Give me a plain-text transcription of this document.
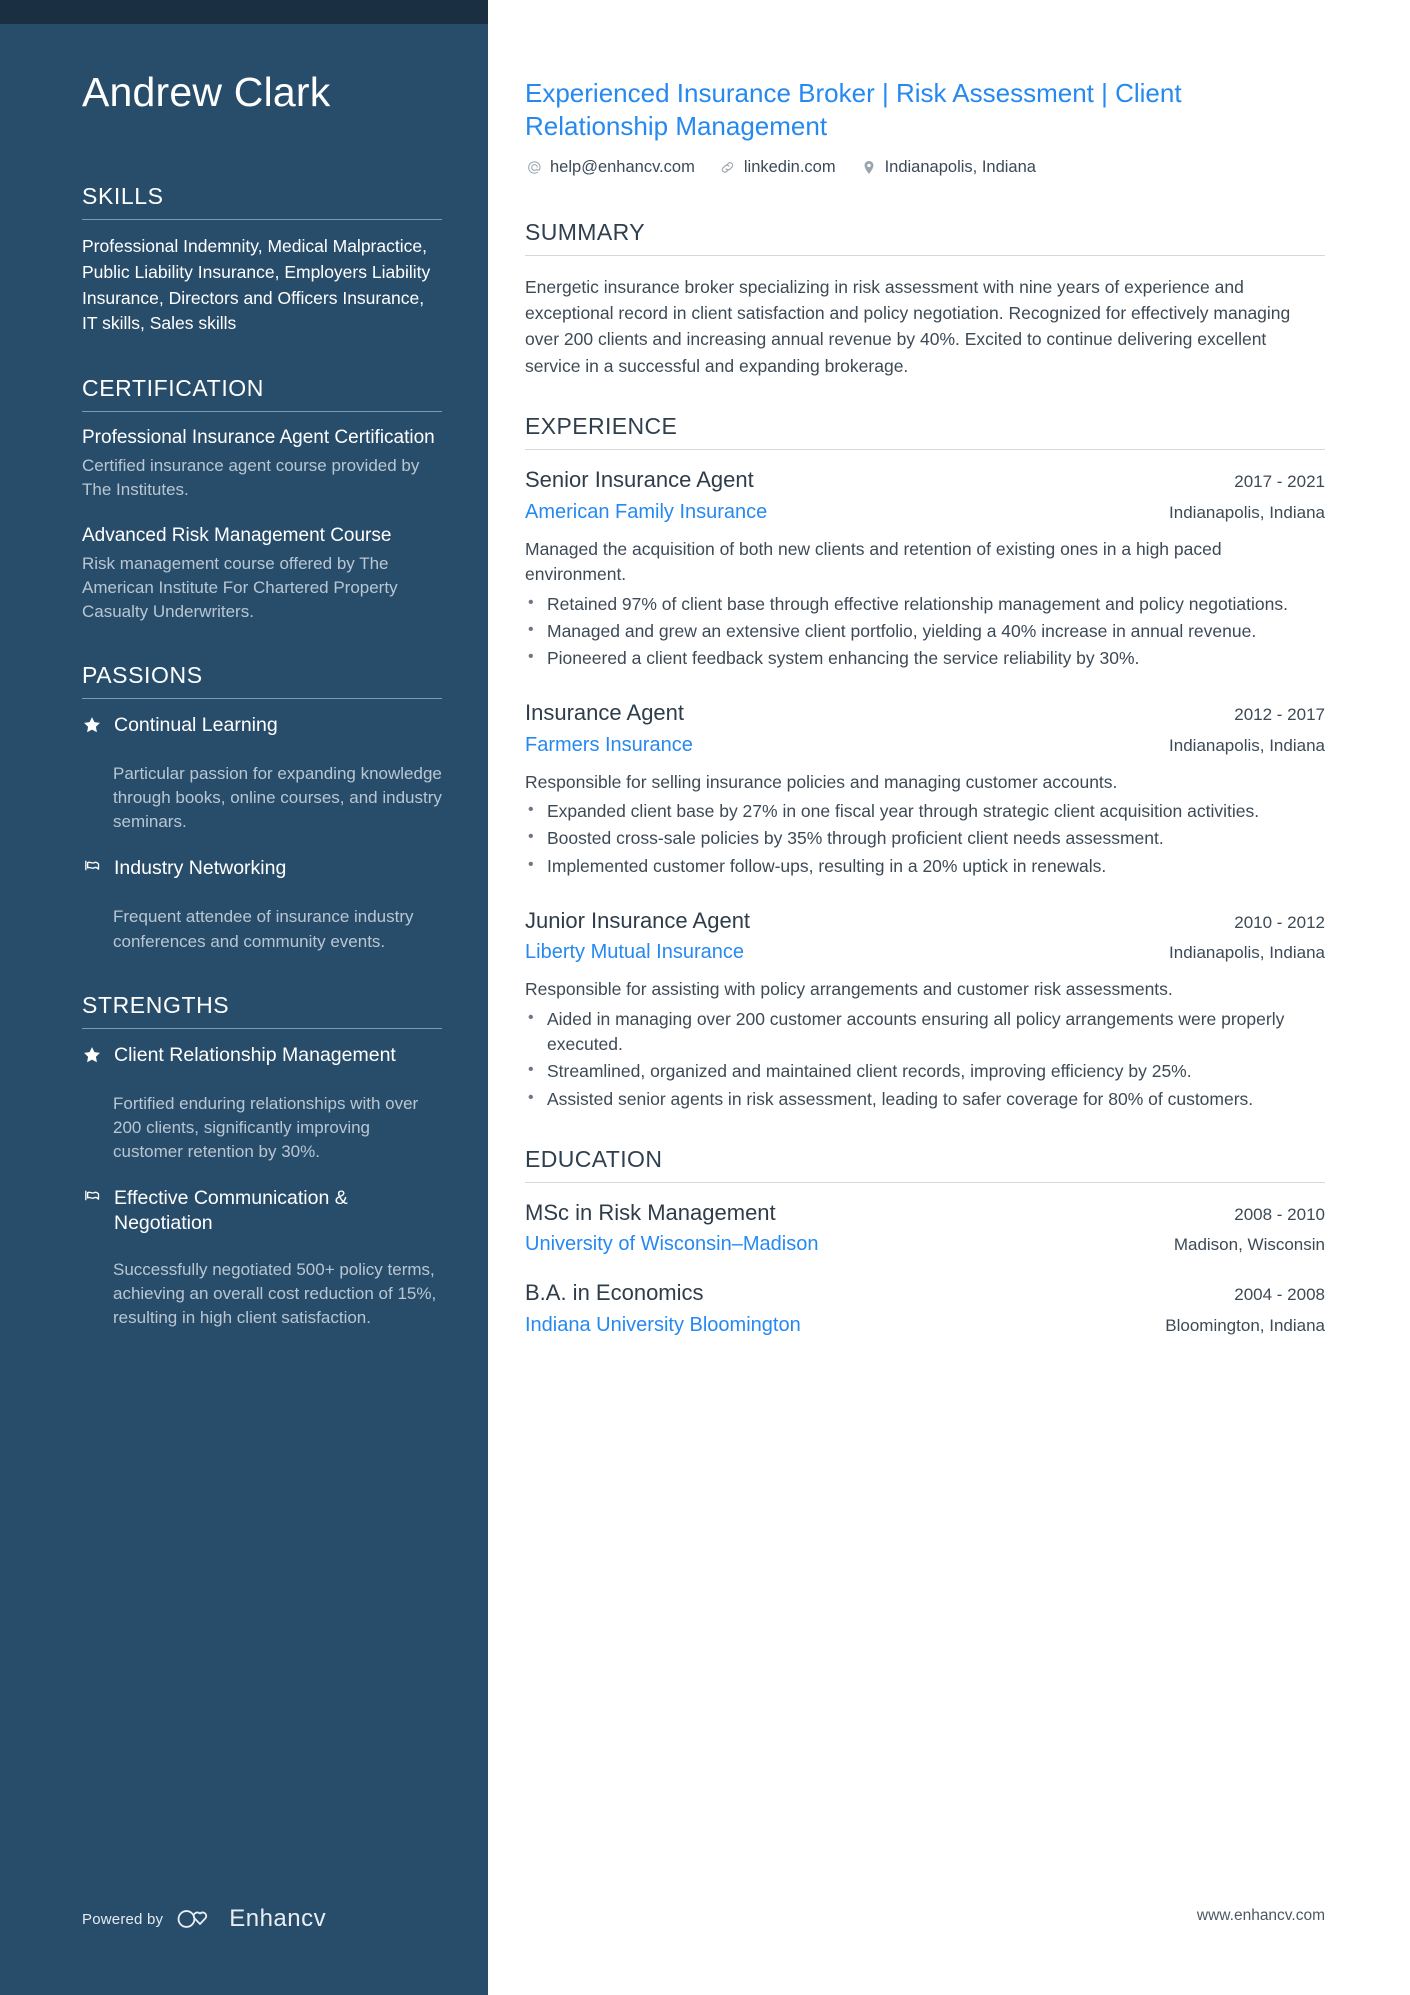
Andrew Clark
SKILLS
Professional Indemnity, Medical Malpractice, Public Liability Insurance, Employers Liability Insurance, Directors and Officers Insurance, IT skills, Sales skills
CERTIFICATION
Professional Insurance Agent Certification
Certified insurance agent course provided by The Institutes.
Advanced Risk Management Course
Risk management course offered by The American Institute For Chartered Property Casualty Underwriters.
PASSIONS
Continual Learning
Particular passion for expanding knowledge through books, online courses, and industry seminars.
Industry Networking
Frequent attendee of insurance industry conferences and community events.
STRENGTHS
Client Relationship Management
Fortified enduring relationships with over 200 clients, significantly improving customer retention by 30%.
Effective Communication & Negotiation
Successfully negotiated 500+ policy terms, achieving an overall cost reduction of 15%, resulting in high client satisfaction.
Powered by	Enhancv
Experienced Insurance Broker | Risk Assessment | Client Relationship Management
help@enhancv.com	linkedin.com	Indianapolis, Indiana
SUMMARY

Energetic insurance broker specializing in risk assessment with nine years of experience and exceptional record in client satisfaction and policy negotiation. Recognized for effectively managing over 200 clients and increasing annual revenue by 40%. Excited to continue delivering excellent service in a successful and expanding brokerage.

EXPERIENCE
Senior Insurance Agent	2017 - 2021
American Family Insurance	Indianapolis, Indiana
Managed the acquisition of both new clients and retention of existing ones in a high paced environment.
• Retained 97% of client base through effective relationship management and policy negotiations.
• Managed and grew an extensive client portfolio, yielding a 40% increase in annual revenue.
• Pioneered a client feedback system enhancing the service reliability by 30%.
Insurance Agent	2012 - 2017
Farmers Insurance	Indianapolis, Indiana
Responsible for selling insurance policies and managing customer accounts.
• Expanded client base by 27% in one fiscal year through strategic client acquisition activities.
• Boosted cross-sale policies by 35% through proficient client needs assessment.
• Implemented customer follow-ups, resulting in a 20% uptick in renewals.
Junior Insurance Agent	2010 - 2012
Liberty Mutual Insurance	Indianapolis, Indiana
Responsible for assisting with policy arrangements and customer risk assessments.
• Aided in managing over 200 customer accounts ensuring all policy arrangements were properly executed.
• Streamlined, organized and maintained client records, improving efficiency by 25%.
• Assisted senior agents in risk assessment, leading to safer coverage for 80% of customers.
EDUCATION
MSc in Risk Management	2008 - 2010
University of Wisconsin–Madison	Madison, Wisconsin
B.A. in Economics	2004 - 2008
Indiana University Bloomington	Bloomington, Indiana
www.enhancv.com
